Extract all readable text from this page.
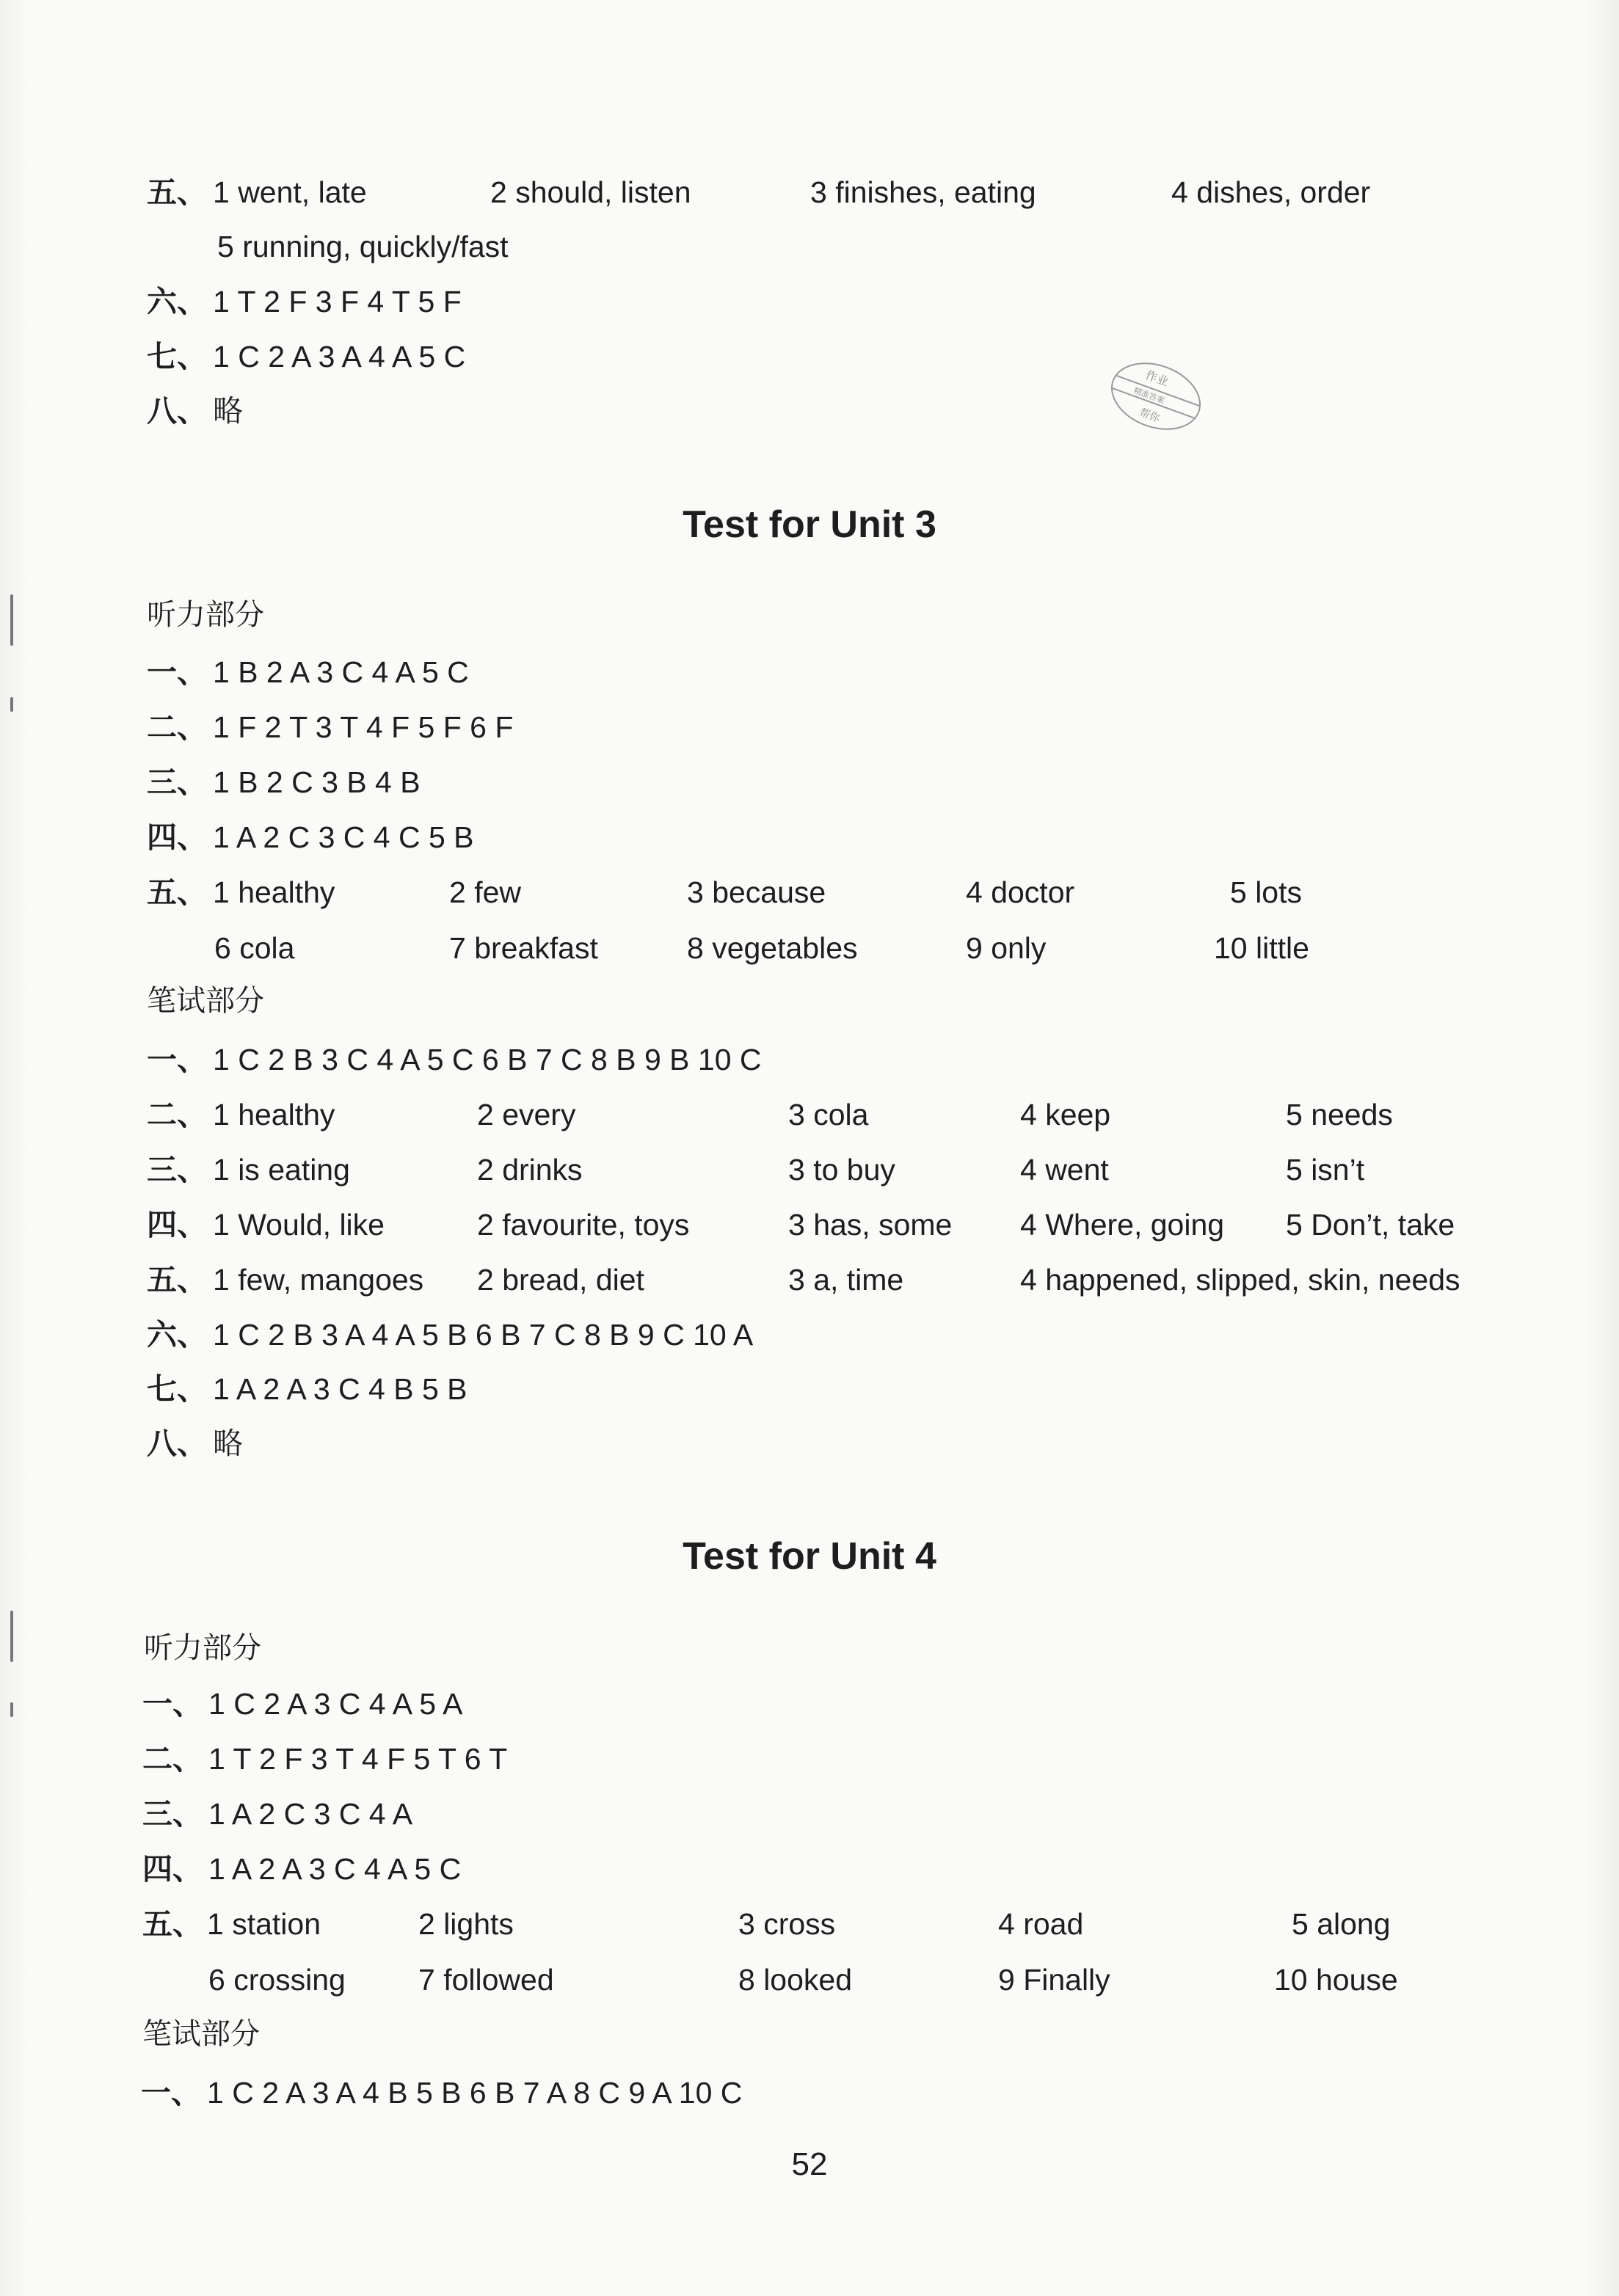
五、 1 went, late	2 should, listen	3 finishes, eating	4 dishes, order
5 running, quickly/fast
六、 1 T 2 F 3 F 4 T 5 F
七、 1 C 2 A 3 A 4 A 5 C
八、 略
作业
精准答案
帮你
Test for Unit 3
听力部分
一、 1 B 2 A 3 C 4 A 5 C
二、 1 F 2 T 3 T 4 F 5 F 6 F
三、 1 B 2 C 3 B 4 B
四、 1 A 2 C 3 C 4 C 5 B
五、 1 healthy	2 few	3 because	4 doctor	5 lots
6 cola	7 breakfast	8 vegetables	9 only	10 little
笔试部分
一、 1 C 2 B 3 C 4 A 5 C 6 B 7 C 8 B 9 B 10 C
二、 1 healthy	2 every	3 cola	4 keep	5 needs
三、 1 is eating	2 drinks	3 to buy	4 went	5 isn’t
四、 1 Would, like	2 favourite, toys	3 has, some 4 Where, going 5 Don’t, take
五、 1 few, mangoes 2 bread, diet	3 a, time	4 happened, slipped, skin, needs
六、 1 C 2 B 3 A 4 A 5 B 6 B 7 C 8 B 9 C 10 A
七、 1 A 2 A 3 C 4 B 5 B
八、 略
Test for Unit 4
听力部分
一、 1 C 2 A 3 C 4 A 5 A
二、 1 T 2 F 3 T 4 F 5 T 6 T
三、 1 A 2 C 3 C 4 A
四、 1 A 2 A 3 C 4 A 5 C
五、 1 station	2 lights	3 cross	4 road	5 along
6 crossing 7 followed	8 looked	9 Finally	10 house
笔试部分
一、 1 C 2 A 3 A 4 B 5 B 6 B 7 A 8 C 9 A 10 C
52
